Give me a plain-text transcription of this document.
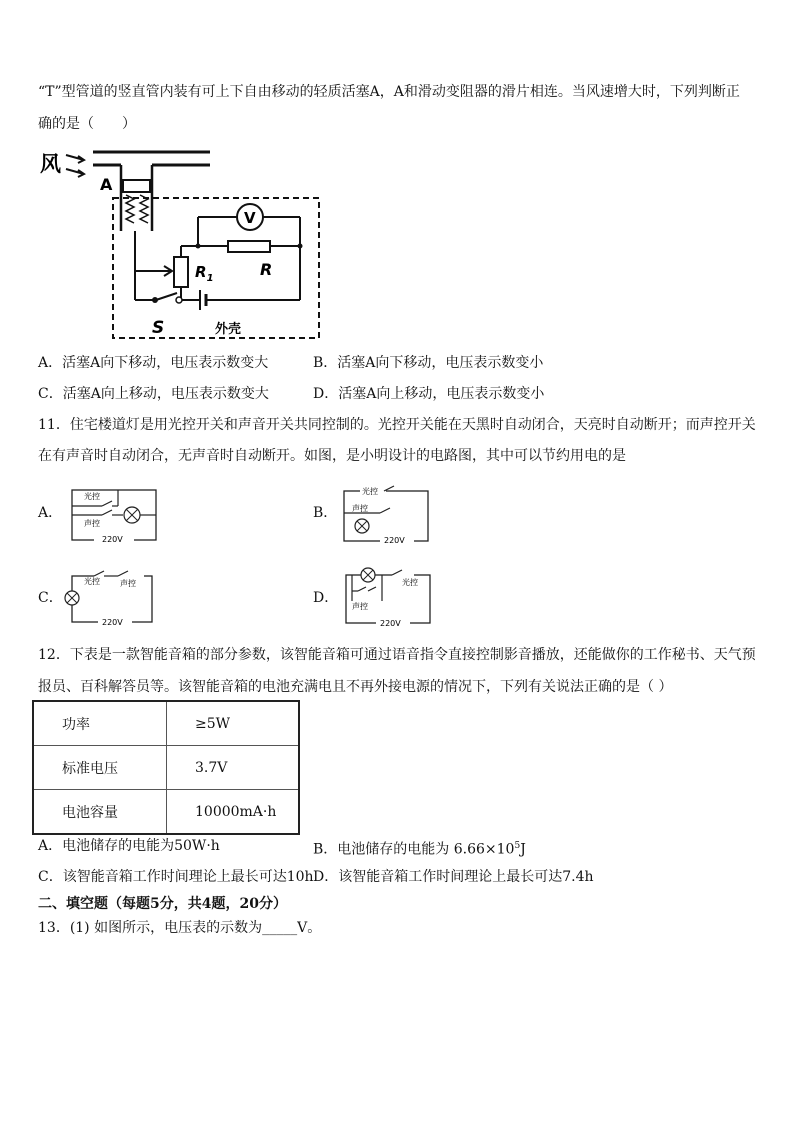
“T”型管道的竖直管内装有可上下自由移动的轻质活塞A，A和滑动变阻器的滑片相连。当风速增大时，下列判断正
确的是（　　）
风
A
$R_1$	R
V
S	外壳
A．活塞A向下移动，电压表示数变大	B．活塞A向下移动，电压表示数变小
C．活塞A向上移动，电压表示数变大	D．活塞A向上移动，电压表示数变小
11．住宅楼道灯是用光控开关和声音开关共同控制的。光控开关能在天黑时自动闭合，天亮时自动断开；而声控开关
在有声音时自动闭合，无声音时自动断开。如图，是小明设计的电路图，其中可以节约用电的是
A．
光控
声控
220V
B．
光控
声控
220V
C．
光控	声控
220V
D．
光控
声控
220V
12．下表是一款智能音箱的部分参数，该智能音箱可通过语音指令直接控制影音播放，还能做你的工作秘书、天气预
报员、百科解答员等。该智能音箱的电池充满电且不再外接电源的情况下，下列有关说法正确的是（ ）
功率	≥5W
标准电压	3.7V
电池容量	10000mA·h
A．电池储存的电能为50W·h	B．电池储存的电能为 $6.66\times 10^5J$
C．该智能音箱工作时间理论上最长可达10h D．该智能音箱工作时间理论上最长可达7.4h
二、填空题（每题5分，共4题，20分）
13．(1) 如图所示，电压表的示数为_____V。
